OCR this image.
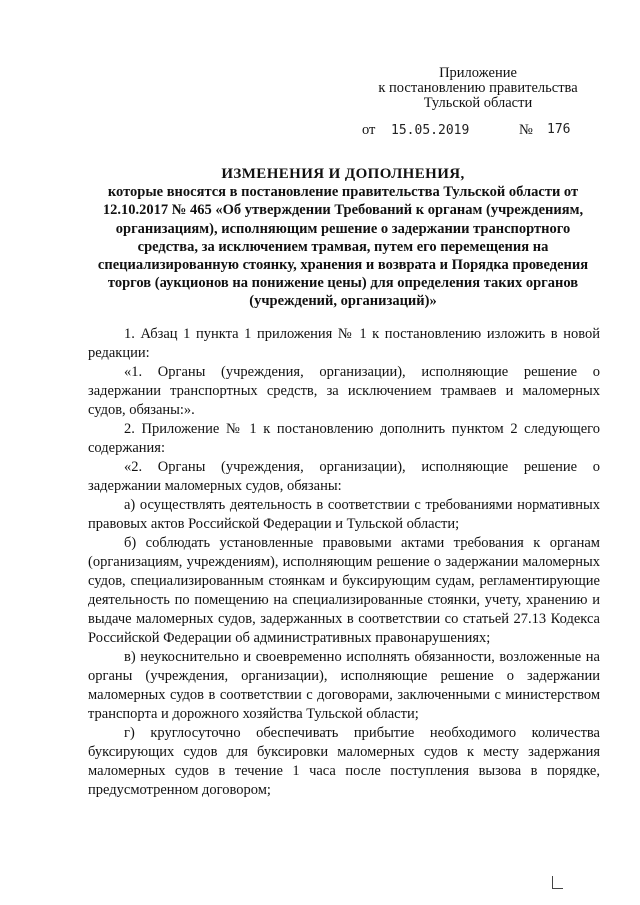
Приложение
к постановлению правительства
Тульской области
от 15.05.2019	№ 176
ИЗМЕНЕНИЯ И ДОПОЛНЕНИЯ,
которые вносятся в постановление правительства Тульской области от 12.10.2017 № 465 «Об утверждении Требований к органам (учреждениям, организациям), исполняющим решение о задержании транспортного средства, за исключением трамвая, путем его перемещения на специализированную стоянку, хранения и возврата и Порядка проведения торгов (аукционов на понижение цены) для определения таких органов (учреждений, организаций)»

1. Абзац 1 пункта 1 приложения № 1 к постановлению изложить в новой редакции:

«1. Органы (учреждения, организации), исполняющие решение о задержании транспортных средств, за исключением трамваев и маломерных судов, обязаны:».

2. Приложение № 1 к постановлению дополнить пунктом 2 следующего содержания:

«2. Органы (учреждения, организации), исполняющие решение о задержании маломерных судов, обязаны:

а) осуществлять деятельность в соответствии с требованиями нормативных правовых актов Российской Федерации и Тульской области;

б) соблюдать установленные правовыми актами требования к органам (организациям, учреждениям), исполняющим решение о задержании маломерных судов, специализированным стоянкам и буксирующим судам, регламентирующие деятельность по помещению на специализированные стоянки, учету, хранению и выдаче маломерных судов, задержанных в соответствии со статьей 27.13 Кодекса Российской Федерации об административных правонарушениях;

в) неукоснительно и своевременно исполнять обязанности, возложенные на органы (учреждения, организации), исполняющие решение о задержании маломерных судов в соответствии с договорами, заключенными с министерством транспорта и дорожного хозяйства Тульской области;

г) круглосуточно обеспечивать прибытие необходимого количества буксирующих судов для буксировки маломерных судов к месту задержания маломерных судов в течение 1 часа после поступления вызова в порядке, предусмотренном договором;
